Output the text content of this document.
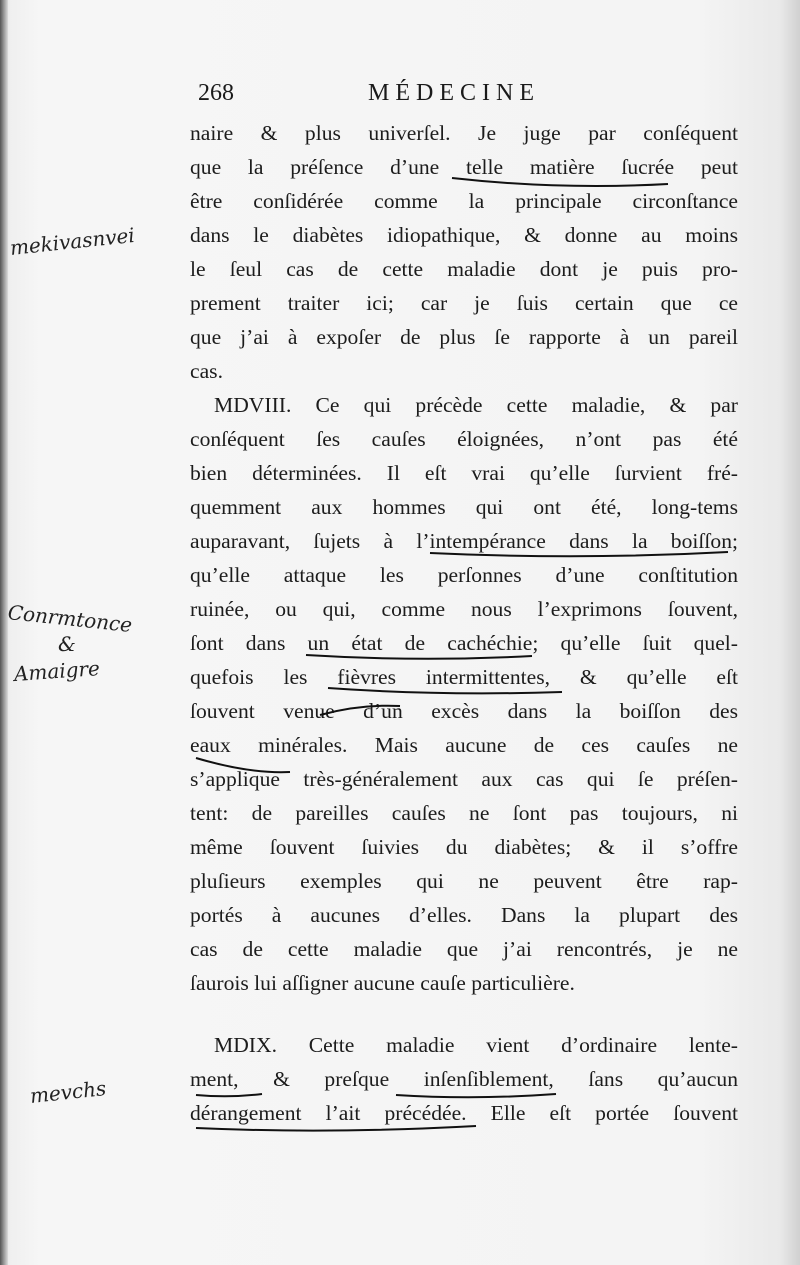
268	MÉDECINE
naire & plus univerſel. Je juge par conſéquent
que la préſence d’une telle matière ſucrée peut
être conſidérée comme la principale circonſtance
dans le diabètes idiopathique, & donne au moins
le ſeul cas de cette maladie dont je puis pro-
prement traiter ici; car je ſuis certain que ce
que j’ai à expoſer de plus ſe rapporte à un pareil
cas.
MDVIII. Ce qui précède cette maladie, & par
conſéquent ſes cauſes éloignées, n’ont pas été
bien déterminées. Il eſt vrai qu’elle ſurvient fré-
quemment aux hommes qui ont été, long-tems
auparavant, ſujets à l’intempérance dans la boiſſon;
qu’elle attaque les perſonnes d’une conſtitution
ruinée, ou qui, comme nous l’exprimons ſouvent,
ſont dans un état de cachéchie; qu’elle ſuit quel-
quefois les fièvres intermittentes, & qu’elle eſt
ſouvent venue d’un excès dans la boiſſon des
eaux minérales. Mais aucune de ces cauſes ne
s’applique très-généralement aux cas qui ſe préſen-
tent: de pareilles cauſes ne ſont pas toujours, ni
même ſouvent ſuivies du diabètes; & il s’offre
pluſieurs exemples qui ne peuvent être rap-
portés à aucunes d’elles. Dans la plupart des
cas de cette maladie que j’ai rencontrés, je ne
ſaurois lui aſſigner aucune cauſe particulière.
MDIX. Cette maladie vient d’ordinaire lente-
ment, & preſque inſenſiblement, ſans qu’aucun
dérangement l’ait précédée. Elle eſt portée ſouvent
mekivasnvei
Conrmtonce
&
Amaigre
mevchs
